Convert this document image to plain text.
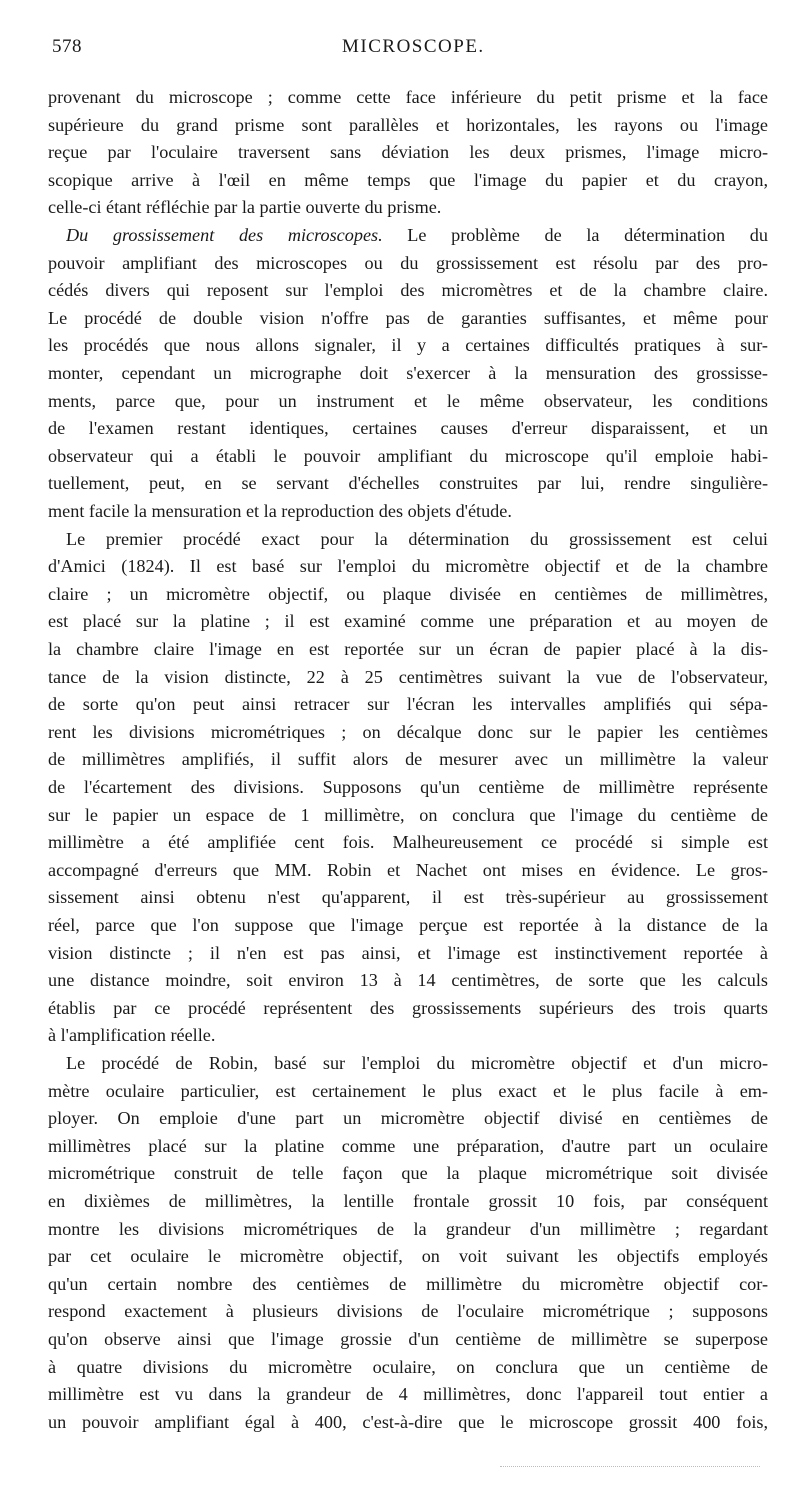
578	MICROSCOPE.
provenant du microscope ; comme cette face inférieure du petit prisme et la face
supérieure du grand prisme sont parallèles et horizontales, les rayons ou l'image
reçue par l'oculaire traversent sans déviation les deux prismes, l'image micro-
scopique arrive à l'œil en même temps que l'image du papier et du crayon,
celle-ci étant réfléchie par la partie ouverte du prisme.
Du grossissement des microscopes. Le problème de la détermination du
pouvoir amplifiant des microscopes ou du grossissement est résolu par des pro-
cédés divers qui reposent sur l'emploi des micromètres et de la chambre claire.
Le procédé de double vision n'offre pas de garanties suffisantes, et même pour
les procédés que nous allons signaler, il y a certaines difficultés pratiques à sur-
monter, cependant un micrographe doit s'exercer à la mensuration des grossisse-
ments, parce que, pour un instrument et le même observateur, les conditions
de l'examen restant identiques, certaines causes d'erreur disparaissent, et un
observateur qui a établi le pouvoir amplifiant du microscope qu'il emploie habi-
tuellement, peut, en se servant d'échelles construites par lui, rendre singulière-
ment facile la mensuration et la reproduction des objets d'étude.
Le premier procédé exact pour la détermination du grossissement est celui
d'Amici (1824). Il est basé sur l'emploi du micromètre objectif et de la chambre
claire ; un micromètre objectif, ou plaque divisée en centièmes de millimètres,
est placé sur la platine ; il est examiné comme une préparation et au moyen de
la chambre claire l'image en est reportée sur un écran de papier placé à la dis-
tance de la vision distincte, 22 à 25 centimètres suivant la vue de l'observateur,
de sorte qu'on peut ainsi retracer sur l'écran les intervalles amplifiés qui sépa-
rent les divisions micrométriques ; on décalque donc sur le papier les centièmes
de millimètres amplifiés, il suffit alors de mesurer avec un millimètre la valeur
de l'écartement des divisions. Supposons qu'un centième de millimètre représente
sur le papier un espace de 1 millimètre, on conclura que l'image du centième de
millimètre a été amplifiée cent fois. Malheureusement ce procédé si simple est
accompagné d'erreurs que MM. Robin et Nachet ont mises en évidence. Le gros-
sissement ainsi obtenu n'est qu'apparent, il est très-supérieur au grossissement
réel, parce que l'on suppose que l'image perçue est reportée à la distance de la
vision distincte ; il n'en est pas ainsi, et l'image est instinctivement reportée à
une distance moindre, soit environ 13 à 14 centimètres, de sorte que les calculs
établis par ce procédé représentent des grossissements supérieurs des trois quarts
à l'amplification réelle.
Le procédé de Robin, basé sur l'emploi du micromètre objectif et d'un micro-
mètre oculaire particulier, est certainement le plus exact et le plus facile à em-
ployer. On emploie d'une part un micromètre objectif divisé en centièmes de
millimètres placé sur la platine comme une préparation, d'autre part un oculaire
micrométrique construit de telle façon que la plaque micrométrique soit divisée
en dixièmes de millimètres, la lentille frontale grossit 10 fois, par conséquent
montre les divisions micrométriques de la grandeur d'un millimètre ; regardant
par cet oculaire le micromètre objectif, on voit suivant les objectifs employés
qu'un certain nombre des centièmes de millimètre du micromètre objectif cor-
respond exactement à plusieurs divisions de l'oculaire micrométrique ; supposons
qu'on observe ainsi que l'image grossie d'un centième de millimètre se superpose
à quatre divisions du micromètre oculaire, on conclura que un centième de
millimètre est vu dans la grandeur de 4 millimètres, donc l'appareil tout entier a
un pouvoir amplifiant égal à 400, c'est-à-dire que le microscope grossit 400 fois,
